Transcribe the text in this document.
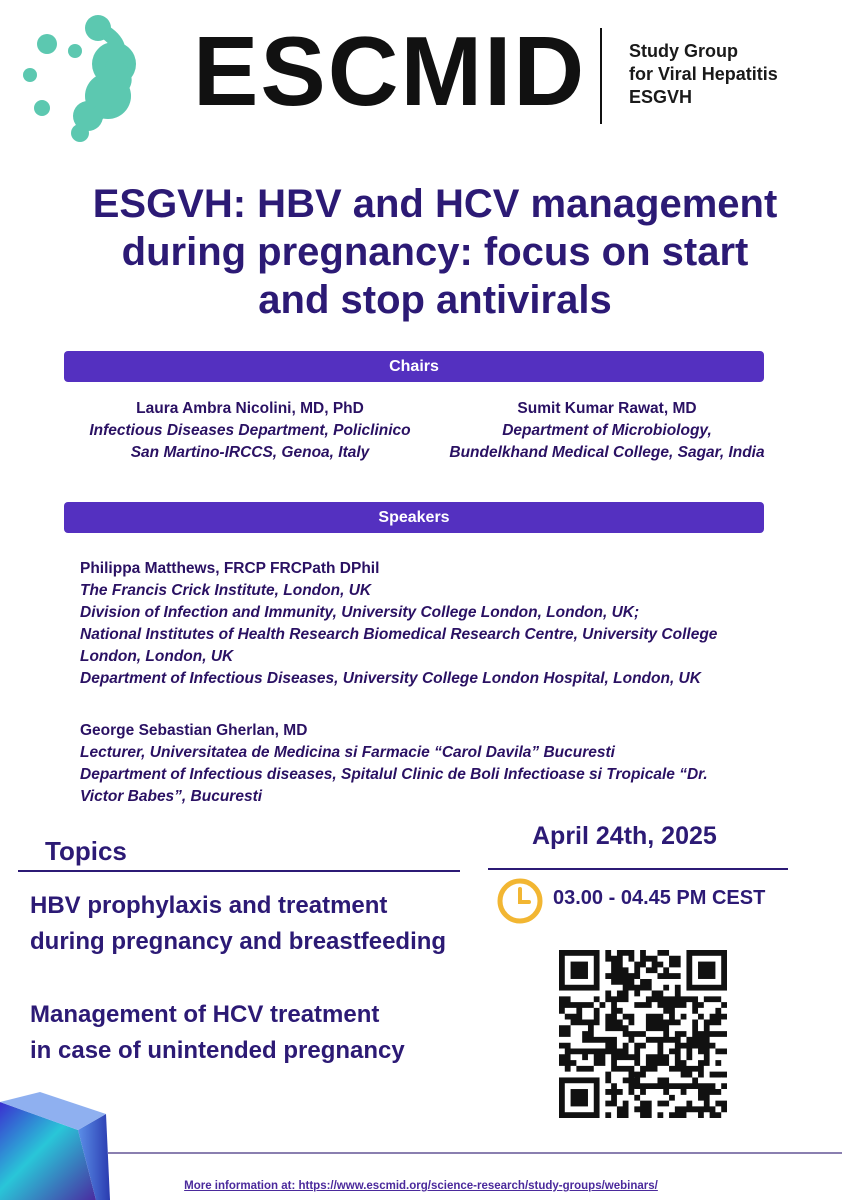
ESCMID Study Group
for Viral Hepatitis
ESGVH
ESGVH: HBV and HCV management
during pregnancy: focus on start
and stop antivirals
Chairs
Laura Ambra Nicolini, MD, PhD
Infectious Diseases Department, Policlinico
San Martino-IRCCS, Genoa, Italy
Sumit Kumar Rawat, MD
Department of Microbiology,
Bundelkhand Medical College, Sagar, India
Speakers
Philippa Matthews, FRCP FRCPath DPhil
The Francis Crick Institute, London, UK
Division of Infection and Immunity, University College London, London, UK;
National Institutes of Health Research Biomedical Research Centre, University College
London, London, UK
Department of Infectious Diseases, University College London Hospital, London, UK
George Sebastian Gherlan, MD
Lecturer, Universitatea de Medicina si Farmacie “Carol Davila” Bucuresti
Department of Infectious diseases, Spitalul Clinic de Boli Infectioase si Tropicale “Dr.
Victor Babes”, Bucuresti
Topics
HBV prophylaxis and treatment
during pregnancy and breastfeeding
Management of HCV treatment
in case of unintended pregnancy
April 24th, 2025
03.00 - 04.45 PM CEST
More information at: https://www.escmid.org/science-research/study-groups/webinars/
